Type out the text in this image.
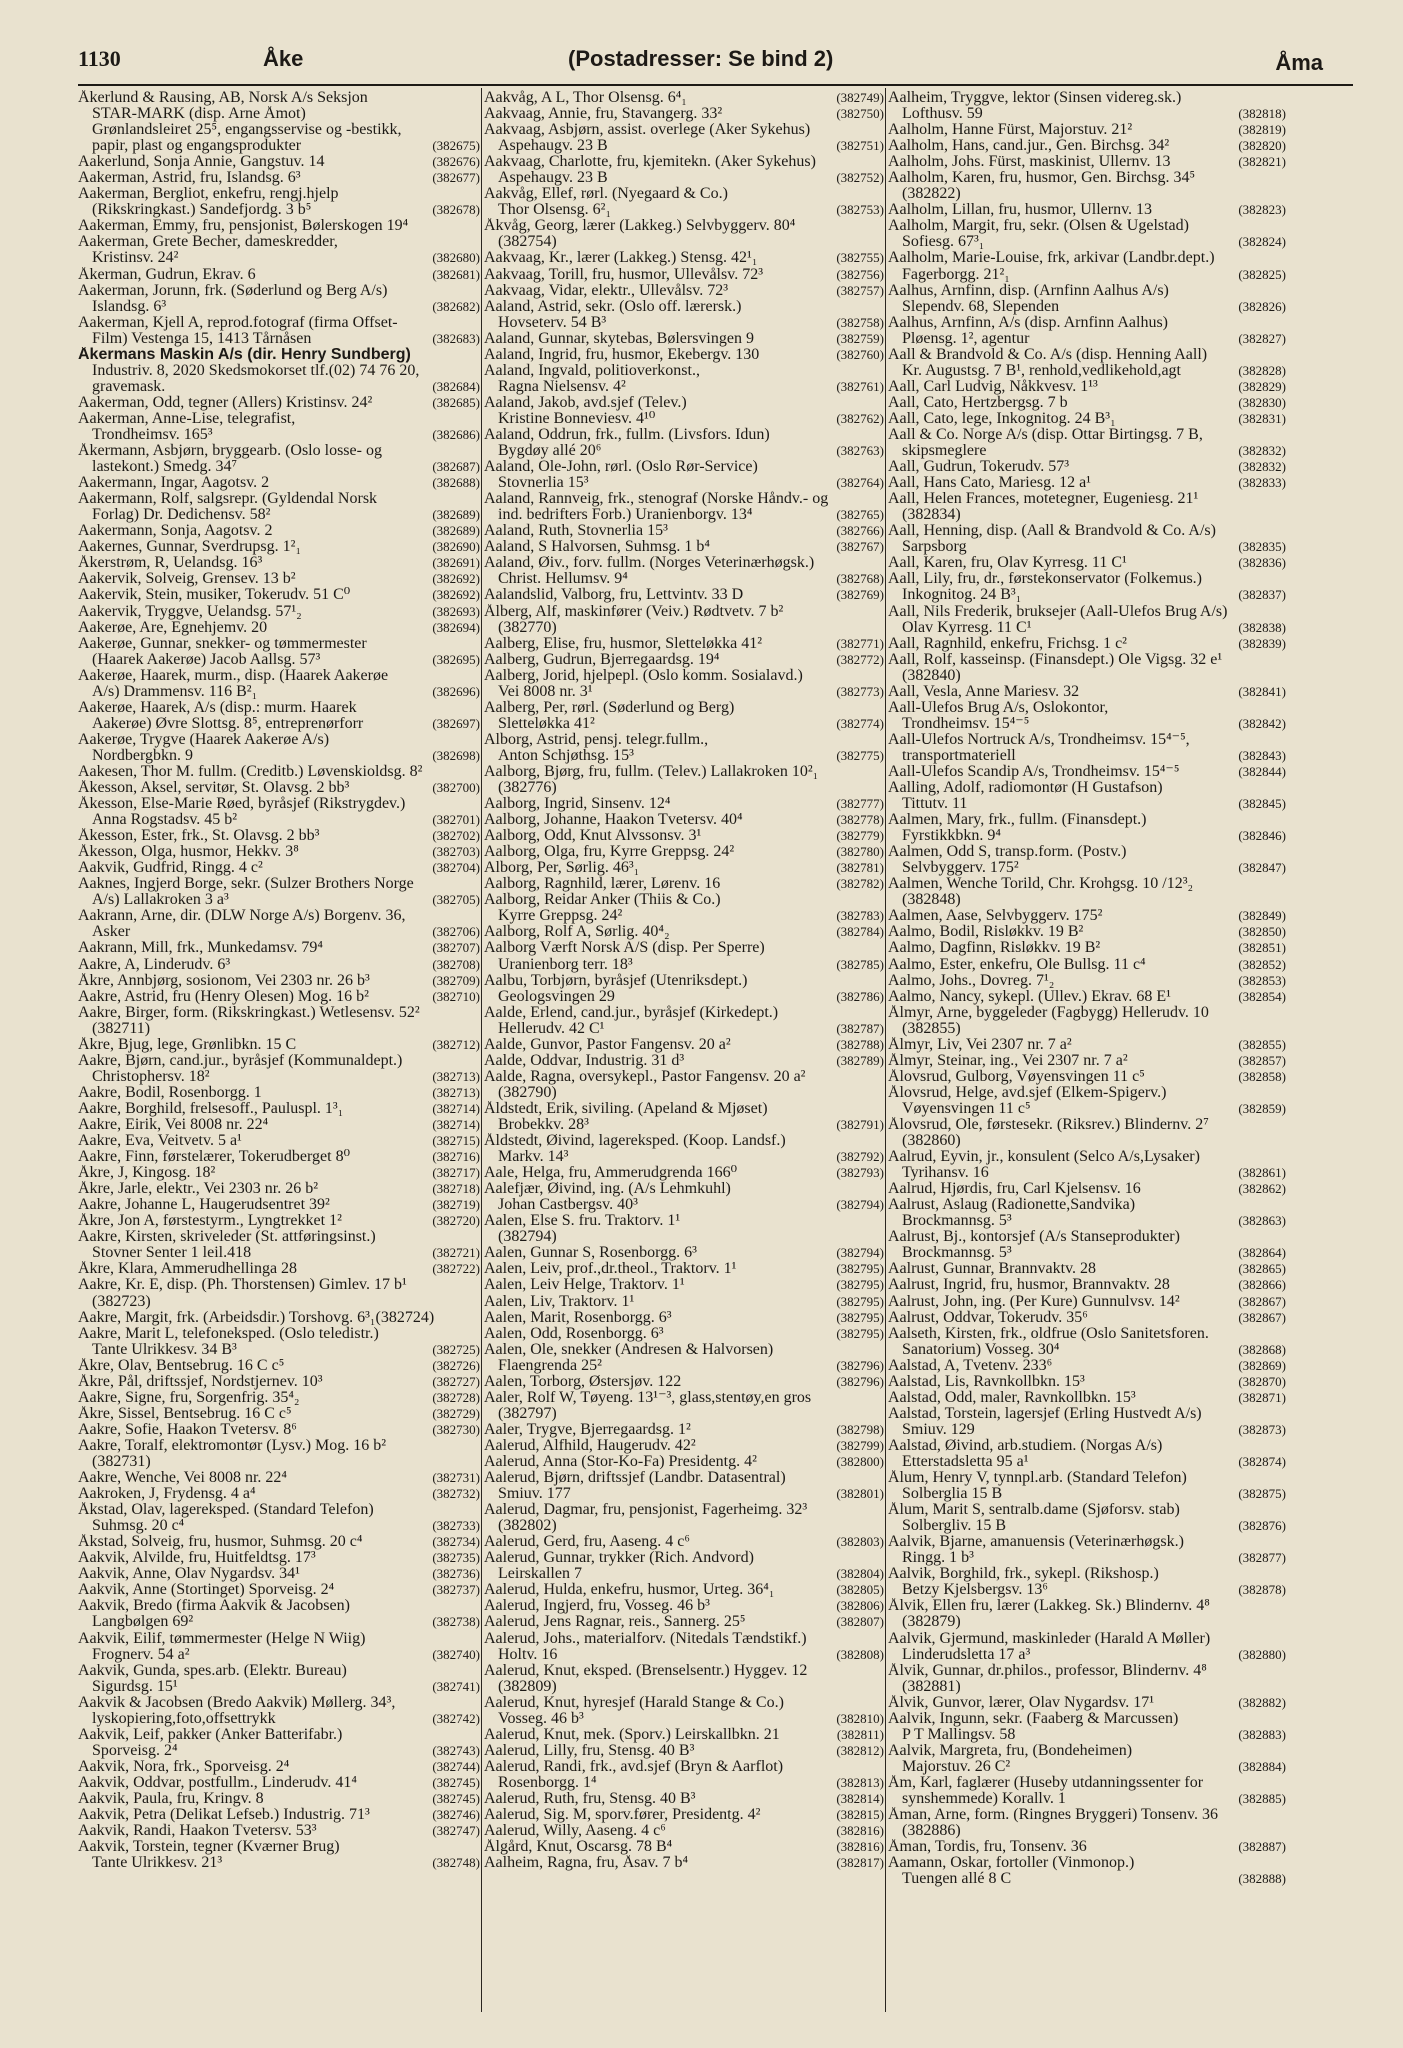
1130	Åke	(Postadresser: Se bind 2)	Åma
Åkerlund & Rausing, AB, Norsk A/s Seksjon
STAR-MARK (disp. Arne Åmot)
Grønlandsleiret 25⁵, engangsservise og -bestikk,
papir, plast og engangsprodukter	(382675)
Aakerlund, Sonja Annie, Gangstuv. 14	(382676)
Aakerman, Astrid, fru, Islandsg. 6³	(382677)
Aakerman, Bergliot, enkefru, rengj.hjelp
(Rikskringkast.) Sandefjordg. 3 b⁵	(382678)
Aakerman, Emmy, fru, pensjonist, Bølerskogen 19⁴
Aakerman, Grete Becher, dameskredder,
Kristinsv. 24²	(382680)
Åkerman, Gudrun, Ekrav. 6	(382681)
Aakerman, Jorunn, frk. (Søderlund og Berg A/s)
Islandsg. 6³	(382682)
Aakerman, Kjell A, reprod.fotograf (firma Offset-
Film) Vestenga 15, 1413 Tårnåsen	(382683)
Åkermans Maskin A/s (dir. Henry Sundberg)
Industriv. 8, 2020 Skedsmokorset tlf.(02) 74 76 20,
gravemask.	(382684)
Aakerman, Odd, tegner (Allers) Kristinsv. 24²	(382685)
Aakerman, Anne-Lise, telegrafist,
Trondheimsv. 165³	(382686)
Åkermann, Asbjørn, bryggearb. (Oslo losse- og
lastekont.) Smedg. 34⁷	(382687)
Aakermann, Ingar, Aagotsv. 2	(382688)
Aakermann, Rolf, salgsrepr. (Gyldendal Norsk
Forlag) Dr. Dedichensv. 58²	(382689)
Aakermann, Sonja, Aagotsv. 2	(382689)
Aakernes, Gunnar, Sverdrupsg. 1²₁	(382690)
Åkerstrøm, R, Uelandsg. 16³	(382691)
Aakervik, Solveig, Grensev. 13 b²	(382692)
Aakervik, Stein, musiker, Tokerudv. 51 C⁰	(382692)
Aakervik, Tryggve, Uelandsg. 57¹₂	(382693)
Aakerøe, Are, Egnehjemv. 20	(382694)
Aakerøe, Gunnar, snekker- og tømmermester
(Haarek Aakerøe) Jacob Aallsg. 57³	(382695)
Aakerøe, Haarek, murm., disp. (Haarek Aakerøe
A/s) Drammensv. 116 B²₁	(382696)
Aakerøe, Haarek, A/s (disp.: murm. Haarek
Aakerøe) Øvre Slottsg. 8⁵, entreprenørforr	(382697)
Aakerøe, Trygve (Haarek Aakerøe A/s)
Nordbergbkn. 9	(382698)
Aakesen, Thor M. fullm. (Creditb.) Løvenskioldsg. 8²
Åkesson, Aksel, servitør, St. Olavsg. 2 bb³	(382700)
Åkesson, Else-Marie Røed, byråsjef (Rikstrygdev.)
Anna Rogstadsv. 45 b²	(382701)
Åkesson, Ester, frk., St. Olavsg. 2 bb³	(382702)
Åkesson, Olga, husmor, Hekkv. 3⁸	(382703)
Aakvik, Gudfrid, Ringg. 4 c²	(382704)
Aaknes, Ingjerd Borge, sekr. (Sulzer Brothers Norge
A/s) Lallakroken 3 a³	(382705)
Aakrann, Arne, dir. (DLW Norge A/s) Borgenv. 36,
Asker	(382706)
Aakrann, Mill, frk., Munkedamsv. 79⁴	(382707)
Aakre, A, Linderudv. 6³	(382708)
Åkre, Annbjørg, sosionom, Vei 2303 nr. 26 b³	(382709)
Aakre, Astrid, fru (Henry Olesen) Mog. 16 b²	(382710)
Aakre, Birger, form. (Rikskringkast.) Wetlesensv. 52²
(382711)
Åkre, Bjug, lege, Grønlibkn. 15 C	(382712)
Aakre, Bjørn, cand.jur., byråsjef (Kommunaldept.)
Christophersv. 18²	(382713)
Aakre, Bodil, Rosenborgg. 1	(382713)
Aakre, Borghild, frelsesoff., Pauluspl. 1³₁	(382714)
Aakre, Eirik, Vei 8008 nr. 22⁴	(382714)
Aakre, Eva, Veitvetv. 5 a¹	(382715)
Aakre, Finn, førstelærer, Tokerudberget 8⁰	(382716)
Åkre, J, Kingosg. 18²	(382717)
Åkre, Jarle, elektr., Vei 2303 nr. 26 b²	(382718)
Aakre, Johanne L, Haugerudsentret 39²	(382719)
Åkre, Jon A, førstestyrm., Lyngtrekket 1²	(382720)
Aakre, Kirsten, skriveleder (St. attføringsinst.)
Stovner Senter 1 leil.418	(382721)
Åkre, Klara, Ammerudhellinga 28	(382722)
Aakre, Kr. E, disp. (Ph. Thorstensen) Gimlev. 17 b¹
(382723)
Aakre, Margit, frk. (Arbeidsdir.) Torshovg. 6³₁(382724)
Aakre, Marit L, telefoneksped. (Oslo teledistr.)
Tante Ulrikkesv. 34 B³	(382725)
Åkre, Olav, Bentsebrug. 16 C c⁵	(382726)
Åkre, Pål, driftssjef, Nordstjernev. 10³	(382727)
Aakre, Signe, fru, Sorgenfrig. 35⁴₂	(382728)
Åkre, Sissel, Bentsebrug. 16 C c⁵	(382729)
Aakre, Sofie, Haakon Tvetersv. 8⁶	(382730)
Aakre, Toralf, elektromontør (Lysv.) Mog. 16 b²
(382731)
Aakre, Wenche, Vei 8008 nr. 22⁴	(382731)
Aakroken, J, Frydensg. 4 a⁴	(382732)
Åkstad, Olav, lagereksped. (Standard Telefon)
Suhmsg. 20 c⁴	(382733)
Åkstad, Solveig, fru, husmor, Suhmsg. 20 c⁴	(382734)
Aakvik, Alvilde, fru, Huitfeldtsg. 17³	(382735)
Aakvik, Anne, Olav Nygardsv. 34¹	(382736)
Aakvik, Anne (Stortinget) Sporveisg. 2⁴	(382737)
Aakvik, Bredo (firma Aakvik & Jacobsen)
Langbølgen 69²	(382738)
Aakvik, Eilif, tømmermester (Helge N Wiig)
Frognerv. 54 a²	(382740)
Aakvik, Gunda, spes.arb. (Elektr. Bureau)
Sigurdsg. 15¹	(382741)
Aakvik & Jacobsen (Bredo Aakvik) Møllerg. 34³,
lyskopiering,foto,offsettrykk	(382742)
Aakvik, Leif, pakker (Anker Batterifabr.)
Sporveisg. 2⁴	(382743)
Aakvik, Nora, frk., Sporveisg. 2⁴	(382744)
Aakvik, Oddvar, postfullm., Linderudv. 41⁴	(382745)
Aakvik, Paula, fru, Kringv. 8	(382745)
Aakvik, Petra (Delikat Lefseb.) Industrig. 71³	(382746)
Aakvik, Randi, Haakon Tvetersv. 53³	(382747)
Aakvik, Torstein, tegner (Kværner Brug)
Tante Ulrikkesv. 21³	(382748)
Aakvåg, A L, Thor Olsensg. 6⁴₁	(382749)
Aakvaag, Annie, fru, Stavangerg. 33²	(382750)
Aakvaag, Asbjørn, assist. overlege (Aker Sykehus)
Aspehaugv. 23 B	(382751)
Aakvaag, Charlotte, fru, kjemitekn. (Aker Sykehus)
Aspehaugv. 23 B	(382752)
Aakvåg, Ellef, rørl. (Nyegaard & Co.)
Thor Olsensg. 6²₁	(382753)
Åkvåg, Georg, lærer (Lakkeg.) Selvbyggerv. 80⁴
(382754)
Aakvaag, Kr., lærer (Lakkeg.) Stensg. 42¹₁	(382755)
Aakvaag, Torill, fru, husmor, Ullevålsv. 72³	(382756)
Aakvaag, Vidar, elektr., Ullevålsv. 72³	(382757)
Aaland, Astrid, sekr. (Oslo off. lærersk.)
Hovseterv. 54 B³	(382758)
Aaland, Gunnar, skytebas, Bølersvingen 9	(382759)
Aaland, Ingrid, fru, husmor, Ekebergv. 130	(382760)
Aaland, Ingvald, politioverkonst.,
Ragna Nielsensv. 4²	(382761)
Aaland, Jakob, avd.sjef (Telev.)
Kristine Bonneviesv. 4¹⁰	(382762)
Aaland, Oddrun, frk., fullm. (Livsfors. Idun)
Bygdøy allé 20⁶	(382763)
Aaland, Ole-John, rørl. (Oslo Rør-Service)
Stovnerlia 15³	(382764)
Aaland, Rannveig, frk., stenograf (Norske Håndv.- og
ind. bedrifters Forb.) Uranienborgv. 13⁴	(382765)
Aaland, Ruth, Stovnerlia 15³	(382766)
Aaland, S Halvorsen, Suhmsg. 1 b⁴	(382767)
Aaland, Øiv., forv. fullm. (Norges Veterinærhøgsk.)
Christ. Hellumsv. 9⁴	(382768)
Aalandslid, Valborg, fru, Lettvintv. 33 D	(382769)
Ålberg, Alf, maskinfører (Veiv.) Rødtvetv. 7 b²
(382770)
Aalberg, Elise, fru, husmor, Sletteløkka 41²	(382771)
Aalberg, Gudrun, Bjerregaardsg. 19⁴	(382772)
Aalberg, Jorid, hjelpepl. (Oslo komm. Sosialavd.)
Vei 8008 nr. 3¹	(382773)
Aalberg, Per, rørl. (Søderlund og Berg)
Sletteløkka 41²	(382774)
Alborg, Astrid, pensj. telegr.fullm.,
Anton Schjøthsg. 15³	(382775)
Aalborg, Bjørg, fru, fullm. (Telev.) Lallakroken 10²₁
(382776)
Aalborg, Ingrid, Sinsenv. 12⁴	(382777)
Aalborg, Johanne, Haakon Tvetersv. 40⁴	(382778)
Aalborg, Odd, Knut Alvssonsv. 3¹	(382779)
Aalborg, Olga, fru, Kyrre Greppsg. 24²	(382780)
Alborg, Per, Sørlig. 46³₁	(382781)
Aalborg, Ragnhild, lærer, Lørenv. 16	(382782)
Aalborg, Reidar Anker (Thiis & Co.)
Kyrre Greppsg. 24²	(382783)
Aalborg, Rolf A, Sørlig. 40⁴₂	(382784)
Aalborg Værft Norsk A/S (disp. Per Sperre)
Uranienborg terr. 18³	(382785)
Aalbu, Torbjørn, byråsjef (Utenriksdept.)
Geologsvingen 29	(382786)
Aalde, Erlend, cand.jur., byråsjef (Kirkedept.)
Hellerudv. 42 C¹	(382787)
Aalde, Gunvor, Pastor Fangensv. 20 a²	(382788)
Aalde, Oddvar, Industrig. 31 d³	(382789)
Aalde, Ragna, oversykepl., Pastor Fangensv. 20 a²
(382790)
Åldstedt, Erik, siviling. (Apeland & Mjøset)
Brobekkv. 28³	(382791)
Åldstedt, Øivind, lagereksped. (Koop. Landsf.)
Markv. 14³	(382792)
Aale, Helga, fru, Ammerudgrenda 166⁰	(382793)
Aalefjær, Øivind, ing. (A/s Lehmkuhl)
Johan Castbergsv. 40³	(382794)
Aalen, Else S. fru. Traktorv. 1¹
(382794)
Aalen, Gunnar S, Rosenborgg. 6³	(382794)
Aalen, Leiv, prof.,dr.theol., Traktorv. 1¹	(382795)
Aalen, Leiv Helge, Traktorv. 1¹	(382795)
Aalen, Liv, Traktorv. 1¹	(382795)
Aalen, Marit, Rosenborgg. 6³	(382795)
Aalen, Odd, Rosenborgg. 6³	(382795)
Aalen, Ole, snekker (Andresen & Halvorsen)
Flaengrenda 25²	(382796)
Aalen, Torborg, Østersjøv. 122	(382796)
Aaler, Rolf W, Tøyeng. 13¹⁻³, glass,stentøy,en gros
(382797)
Aaler, Trygve, Bjerregaardsg. 1²	(382798)
Aalerud, Alfhild, Haugerudv. 42²	(382799)
Aalerud, Anna (Stor-Ko-Fa) Presidentg. 4²	(382800)
Aalerud, Bjørn, driftssjef (Landbr. Datasentral)
Smiuv. 177	(382801)
Aalerud, Dagmar, fru, pensjonist, Fagerheimg. 32³
(382802)
Aalerud, Gerd, fru, Aaseng. 4 c⁶	(382803)
Aalerud, Gunnar, trykker (Rich. Andvord)
Leirskallen 7	(382804)
Aalerud, Hulda, enkefru, husmor, Urteg. 36⁴₁	(382805)
Aalerud, Ingjerd, fru, Vosseg. 46 b³	(382806)
Aalerud, Jens Ragnar, reis., Sannerg. 25⁵	(382807)
Aalerud, Johs., materialforv. (Nitedals Tændstikf.)
Holtv. 16	(382808)
Aalerud, Knut, eksped. (Brenselsentr.) Hyggev. 12
(382809)
Aalerud, Knut, hyresjef (Harald Stange & Co.)
Vosseg. 46 b³	(382810)
Aalerud, Knut, mek. (Sporv.) Leirskallbkn. 21	(382811)
Aalerud, Lilly, fru, Stensg. 40 B³	(382812)
Aalerud, Randi, frk., avd.sjef (Bryn & Aarflot)
Rosenborgg. 1⁴	(382813)
Aalerud, Ruth, fru, Stensg. 40 B³	(382814)
Aalerud, Sig. M, sporv.fører, Presidentg. 4²	(382815)
Aalerud, Willy, Aaseng. 4 c⁶	(382816)
Ålgård, Knut, Oscarsg. 78 B⁴	(382816)
Aalheim, Ragna, fru, Åsav. 7 b⁴	(382817)
Aalheim, Tryggve, lektor (Sinsen videreg.sk.)
Lofthusv. 59	(382818)
Aalholm, Hanne Fürst, Majorstuv. 21²	(382819)
Aalholm, Hans, cand.jur., Gen. Birchsg. 34²	(382820)
Aalholm, Johs. Fürst, maskinist, Ullernv. 13	(382821)
Aalholm, Karen, fru, husmor, Gen. Birchsg. 34⁵
(382822)
Aalholm, Lillan, fru, husmor, Ullernv. 13	(382823)
Aalholm, Margit, fru, sekr. (Olsen & Ugelstad)
Sofiesg. 67³₁	(382824)
Aalholm, Marie-Louise, frk, arkivar (Landbr.dept.)
Fagerborgg. 21²₁	(382825)
Aalhus, Arnfinn, disp. (Arnfinn Aalhus A/s)
Slependv. 68, Slependen	(382826)
Aalhus, Arnfinn, A/s (disp. Arnfinn Aalhus)
Pløensg. 1², agentur	(382827)
Aall & Brandvold & Co. A/s (disp. Henning Aall)
Kr. Augustsg. 7 B¹, renhold,vedlikehold,agt	(382828)
Aall, Carl Ludvig, Nåkkvesv. 1¹³	(382829)
Aall, Cato, Hertzbergsg. 7 b	(382830)
Aall, Cato, lege, Inkognitog. 24 B³₁	(382831)
Aall & Co. Norge A/s (disp. Ottar Birtingsg. 7 B,
skipsmeglere	(382832)
Aall, Gudrun, Tokerudv. 57³	(382832)
Aall, Hans Cato, Mariesg. 12 a¹	(382833)
Aall, Helen Frances, motetegner, Eugeniesg. 21¹
(382834)
Aall, Henning, disp. (Aall & Brandvold & Co. A/s)
Sarpsborg	(382835)
Aall, Karen, fru, Olav Kyrresg. 11 C¹	(382836)
Aall, Lily, fru, dr., førstekonservator (Folkemus.)
Inkognitog. 24 B³₁	(382837)
Aall, Nils Frederik, bruksejer (Aall-Ulefos Brug A/s)
Olav Kyrresg. 11 C¹	(382838)
Aall, Ragnhild, enkefru, Frichsg. 1 c²	(382839)
Aall, Rolf, kasseinsp. (Finansdept.) Ole Vigsg. 32 e¹
(382840)
Aall, Vesla, Anne Mariesv. 32	(382841)
Aall-Ulefos Brug A/s, Oslokontor,
Trondheimsv. 15⁴⁻⁵	(382842)
Aall-Ulefos Nortruck A/s, Trondheimsv. 15⁴⁻⁵,
transportmateriell	(382843)
Aall-Ulefos Scandip A/s, Trondheimsv. 15⁴⁻⁵	(382844)
Aalling, Adolf, radiomontør (H Gustafson)
Tittutv. 11	(382845)
Aalmen, Mary, frk., fullm. (Finansdept.)
Fyrstikkbkn. 9⁴	(382846)
Aalmen, Odd S, transp.form. (Postv.)
Selvbyggerv. 175²	(382847)
Aalmen, Wenche Torild, Chr. Krohgsg. 10 /12³₂
(382848)
Aalmen, Aase, Selvbyggerv. 175²	(382849)
Aalmo, Bodil, Risløkkv. 19 B²	(382850)
Aalmo, Dagfinn, Risløkkv. 19 B²	(382851)
Aalmo, Ester, enkefru, Ole Bullsg. 11 c⁴	(382852)
Aalmo, Johs., Dovreg. 7¹₂	(382853)
Aalmo, Nancy, sykepl. (Ullev.) Ekrav. 68 E¹	(382854)
Ålmyr, Arne, byggeleder (Fagbygg) Hellerudv. 10
(382855)
Ålmyr, Liv, Vei 2307 nr. 7 a²	(382855)
Ålmyr, Steinar, ing., Vei 2307 nr. 7 a²	(382857)
Ålovsrud, Gulborg, Vøyensvingen 11 c⁵	(382858)
Ålovsrud, Helge, avd.sjef (Elkem-Spigerv.)
Vøyensvingen 11 c⁵	(382859)
Ålovsrud, Ole, førstesekr. (Riksrev.) Blindernv. 2⁷
(382860)
Aalrud, Eyvin, jr., konsulent (Selco A/s,Lysaker)
Tyrihansv. 16	(382861)
Aalrud, Hjørdis, fru, Carl Kjelsensv. 16	(382862)
Aalrust, Aslaug (Radionette,Sandvika)
Brockmannsg. 5³	(382863)
Aalrust, Bj., kontorsjef (A/s Stanseprodukter)
Brockmannsg. 5³	(382864)
Aalrust, Gunnar, Brannvaktv. 28	(382865)
Aalrust, Ingrid, fru, husmor, Brannvaktv. 28	(382866)
Aalrust, John, ing. (Per Kure) Gunnulvsv. 14²	(382867)
Aalrust, Oddvar, Tokerudv. 35⁶	(382867)
Aalseth, Kirsten, frk., oldfrue (Oslo Sanitetsforen.
Sanatorium) Vosseg. 30⁴	(382868)
Aalstad, A, Tvetenv. 233⁶	(382869)
Aalstad, Lis, Ravnkollbkn. 15³	(382870)
Aalstad, Odd, maler, Ravnkollbkn. 15³	(382871)
Aalstad, Torstein, lagersjef (Erling Hustvedt A/s)
Smiuv. 129	(382873)
Aalstad, Øivind, arb.studiem. (Norgas A/s)
Etterstadsletta 95 a¹	(382874)
Ålum, Henry V, tynnpl.arb. (Standard Telefon)
Solberglia 15 B	(382875)
Ålum, Marit S, sentralb.dame (Sjøforsv. stab)
Solbergliv. 15 B	(382876)
Aalvik, Bjarne, amanuensis (Veterinærhøgsk.)
Ringg. 1 b³	(382877)
Aalvik, Borghild, frk., sykepl. (Rikshosp.)
Betzy Kjelsbergsv. 13⁶	(382878)
Ålvik, Ellen fru, lærer (Lakkeg. Sk.) Blindernv. 4⁸
(382879)
Aalvik, Gjermund, maskinleder (Harald A Møller)
Linderudsletta 17 a³	(382880)
Ålvik, Gunnar, dr.philos., professor, Blindernv. 4⁸
(382881)
Ålvik, Gunvor, lærer, Olav Nygardsv. 17¹	(382882)
Aalvik, Ingunn, sekr. (Faaberg & Marcussen)
P T Mallingsv. 58	(382883)
Aalvik, Margreta, fru, (Bondeheimen)
Majorstuv. 26 C²	(382884)
Åm, Karl, faglærer (Huseby utdanningssenter for
synshemmede) Korallv. 1	(382885)
Åman, Arne, form. (Ringnes Bryggeri) Tonsenv. 36
(382886)
Åman, Tordis, fru, Tonsenv. 36	(382887)
Aamann, Oskar, fortoller (Vinmonop.)
Tuengen allé 8 C	(382888)
